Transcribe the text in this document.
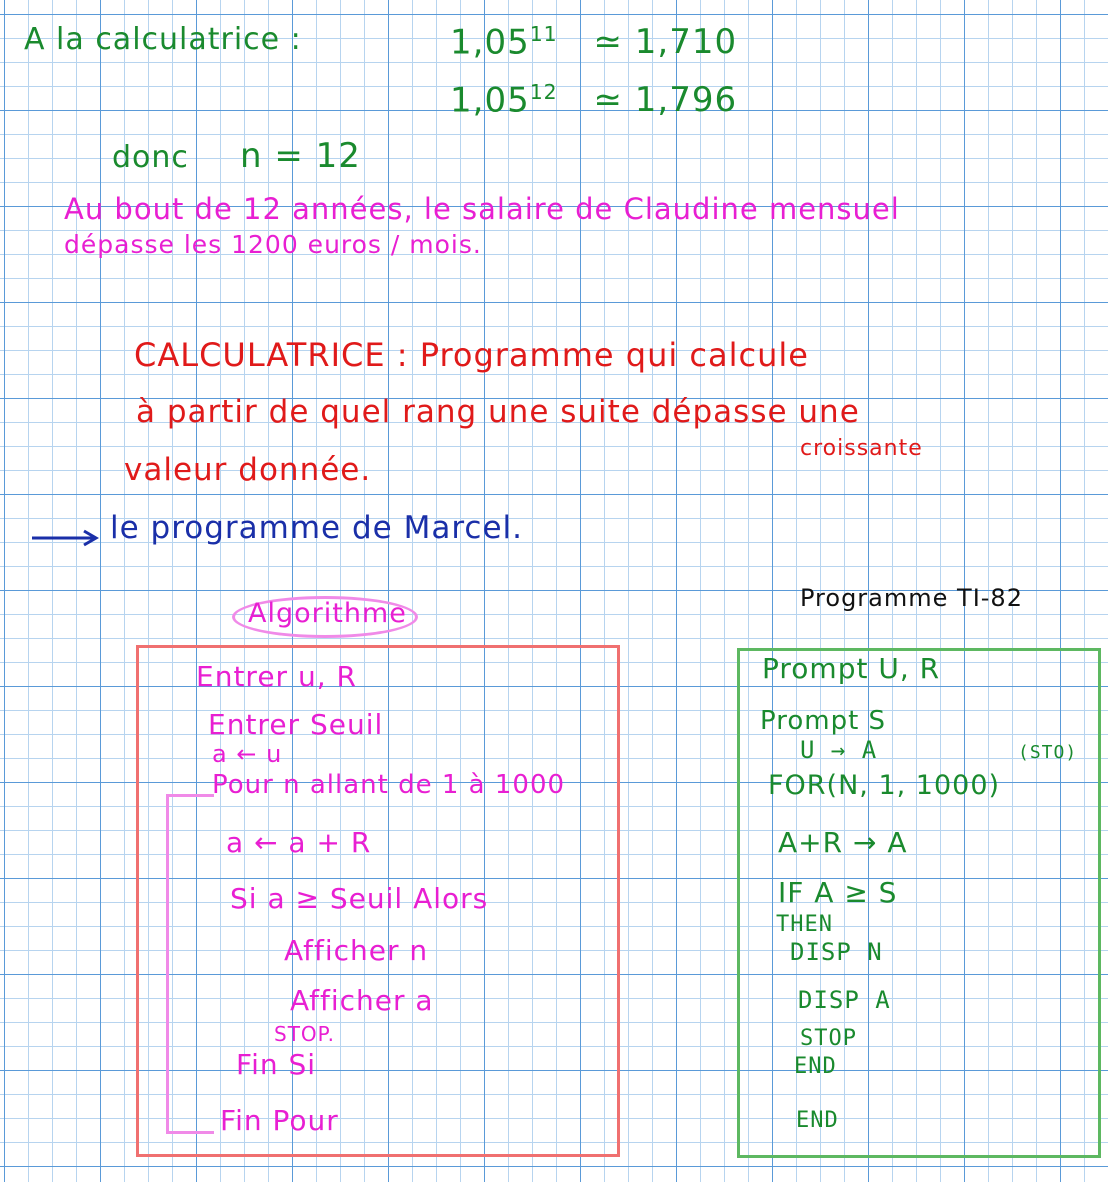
A la calculatrice :	1,05$^{11}$ ≃ 1,710
1,05$^{12}$ ≃ 1,796
donc n = 12
Au bout de 12 années, le salaire de Claudine mensuel
dépasse les 1200 euros / mois.
CALCULATRICE : Programme qui calcule
à partir de quel rang une suite dépasse une
croissante
valeur donnée.
le programme de Marcel.
Algorithme
Entrer u, R
Entrer Seuil
a ← u
Pour n allant de 1 à 1000
a ← a + R
Si a ≥ Seuil Alors
Afficher n
Afficher a
STOP.
Fin Si
Fin Pour
Programme TI-82
Prompt U, R
Prompt S
U → A	(STO)
FOR(N, 1, 1000)
A+R → A
IF A ≥ S
THEN
DISP N
DISP A
STOP
END
END
